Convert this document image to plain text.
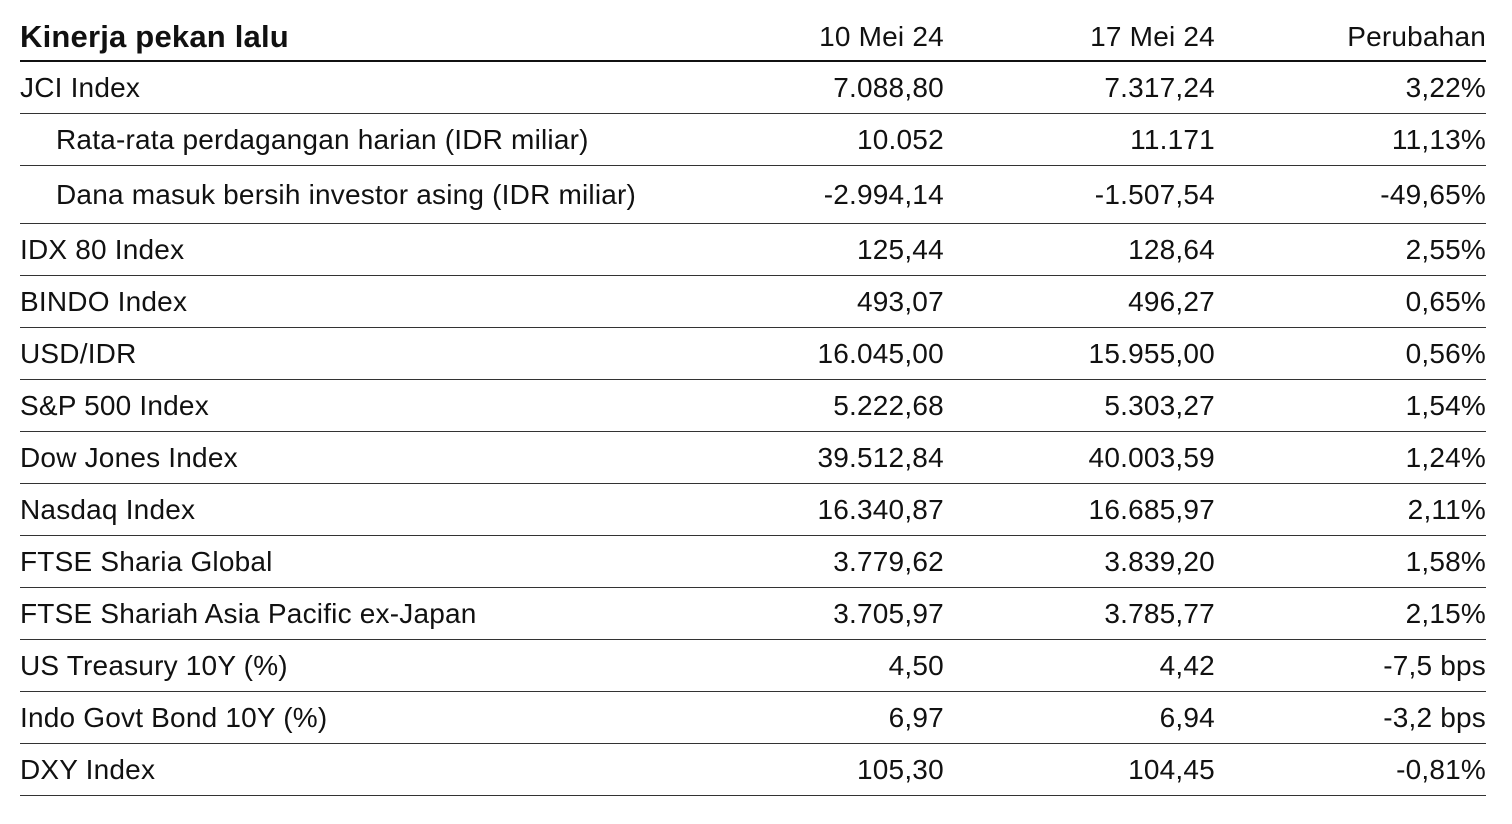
Kinerja pekan lalu	10 Mei 24	17 Mei 24	Perubahan
JCI Index	7.088,80	7.317,24	3,22%
Rata-rata perdagangan harian (IDR miliar)	10.052	11.171	11,13%
Dana masuk bersih investor asing (IDR miliar)	-2.994,14	-1.507,54	-49,65%
IDX 80 Index	125,44	128,64	2,55%
BINDO Index	493,07	496,27	0,65%
USD/IDR	16.045,00	15.955,00	0,56%
S&P 500 Index	5.222,68	5.303,27	1,54%
Dow Jones Index	39.512,84	40.003,59	1,24%
Nasdaq Index	16.340,87	16.685,97	2,11%
FTSE Sharia Global	3.779,62	3.839,20	1,58%
FTSE Shariah Asia Pacific ex-Japan	3.705,97	3.785,77	2,15%
US Treasury 10Y (%)	4,50	4,42	-7,5 bps
Indo Govt Bond 10Y (%)	6,97	6,94	-3,2 bps
DXY Index	105,30	104,45	-0,81%
